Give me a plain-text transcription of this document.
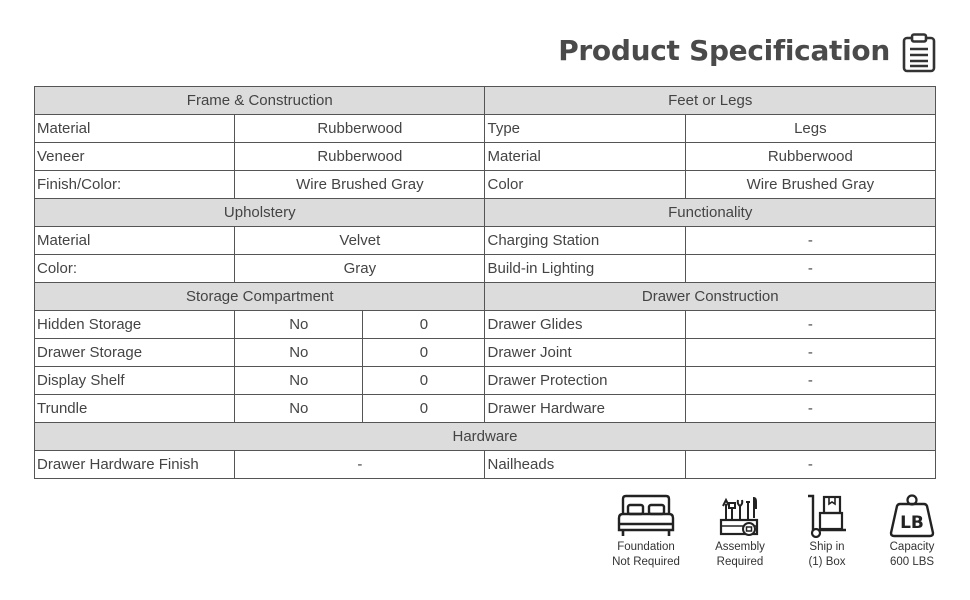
Product Specification
Frame & Construction			Feet or Legs	
Material	Rubberwood		Type	Legs
Veneer	Rubberwood		Material	Rubberwood
Finish/Color:	Wire Brushed Gray		Color	Wire Brushed Gray
Upholstery			Functionality	
Material	Velvet		Charging Station	-
Color:	Gray		Build-in Lighting	-
Storage Compartment			Drawer Construction	
Hidden Storage	No	0	Drawer Glides	-
Drawer Storage	No	0	Drawer Joint	-
Display Shelf	No	0	Drawer Protection	-
Trundle	No	0	Drawer Hardware	-
Hardware				
Drawer Hardware Finish	-		Nailheads	-
Foundation
Not Required
Assembly
Required
Ship in
(1) Box
LB
Capacity
600 LBS
